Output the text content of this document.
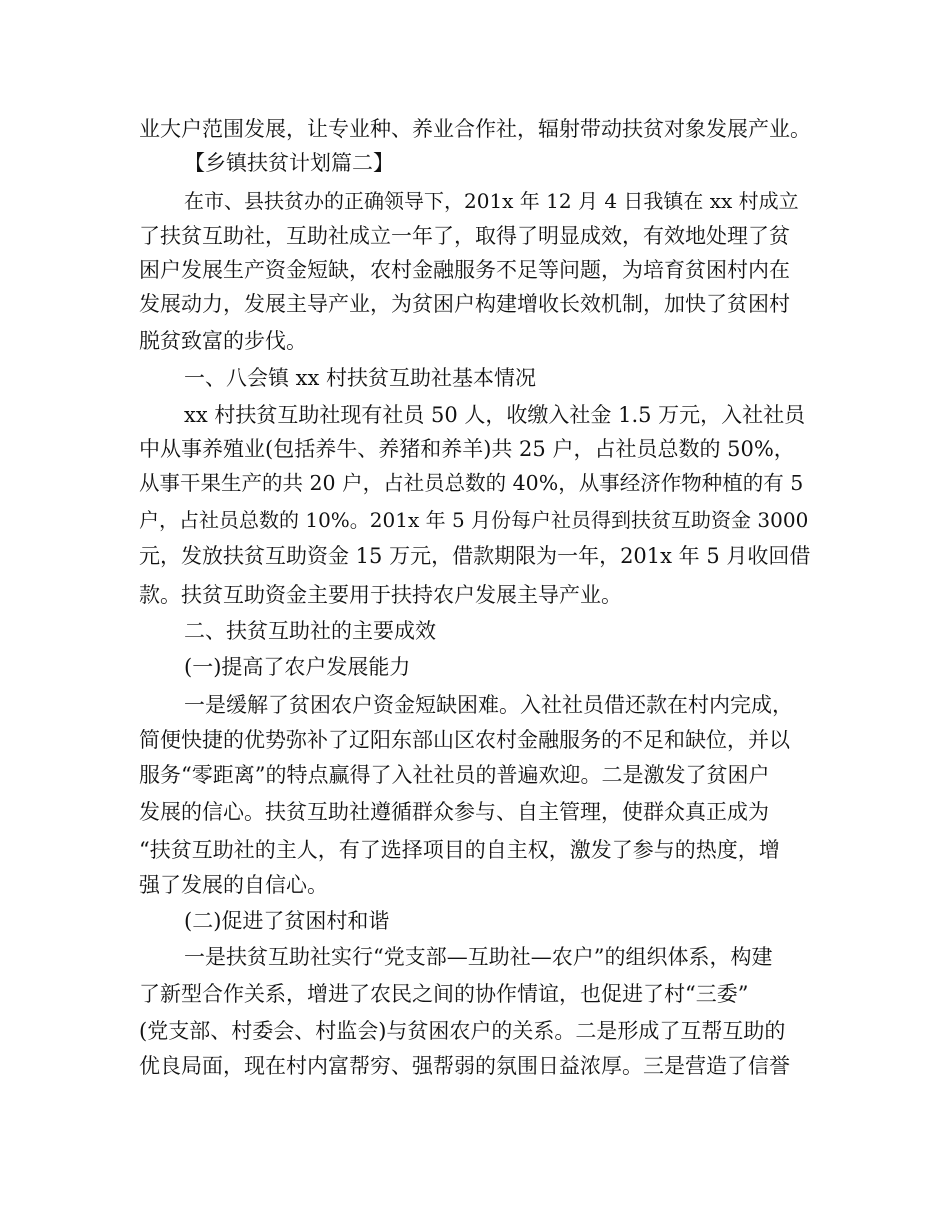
业大户范围发展，让专业种、养业合作社，辐射带动扶贫对象发展产业。

【乡镇扶贫计划篇二】

在市、县扶贫办的正确领导下，201x 年 12 月 4 日我镇在 xx 村成立

了扶贫互助社，互助社成立一年了，取得了明显成效，有效地处理了贫

困户发展生产资金短缺，农村金融服务不足等问题，为培育贫困村内在

发展动力，发展主导产业，为贫困户构建增收长效机制，加快了贫困村

脱贫致富的步伐。

一、八会镇 xx 村扶贫互助社基本情况

xx 村扶贫互助社现有社员 50 人，收缴入社金 1.5 万元，入社社员

中从事养殖业(包括养牛、养猪和养羊)共 25 户，占社员总数的 50%，

从事干果生产的共 20 户，占社员总数的 40%，从事经济作物种植的有 5

户，占社员总数的 10%。201x 年 5 月份每户社员得到扶贫互助资金 3000

元，发放扶贫互助资金 15 万元，借款期限为一年，201x 年 5 月收回借

款。扶贫互助资金主要用于扶持农户发展主导产业。

二、扶贫互助社的主要成效

(一)提高了农户发展能力

一是缓解了贫困农户资金短缺困难。入社社员借还款在村内完成，

简便快捷的优势弥补了辽阳东部山区农村金融服务的不足和缺位，并以

服务“零距离”的特点赢得了入社社员的普遍欢迎。二是激发了贫困户

发展的信心。扶贫互助社遵循群众参与、自主管理，使群众真正成为

“扶贫互助社的主人，有了选择项目的自主权，激发了参与的热度，增

强了发展的自信心。

(二)促进了贫困村和谐

一是扶贫互助社实行“党支部—互助社—农户”的组织体系，构建

了新型合作关系，增进了农民之间的协作情谊，也促进了村“三委”

(党支部、村委会、村监会)与贫困农户的关系。二是形成了互帮互助的

优良局面，现在村内富帮穷、强帮弱的氛围日益浓厚。三是营造了信誉
